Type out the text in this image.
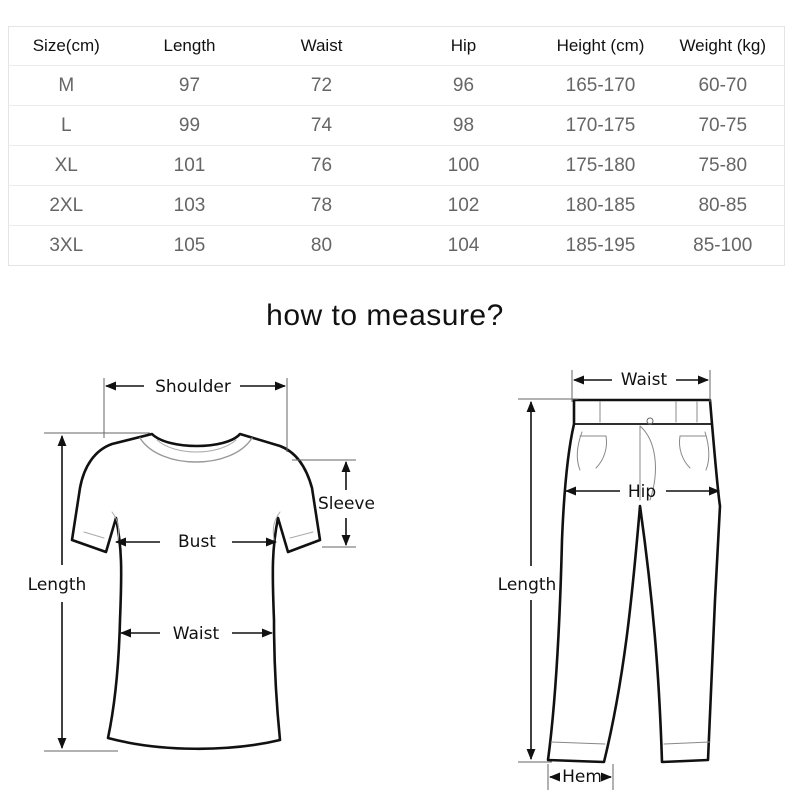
Size(cm)	Length	Waist	Hip	Height (cm)	Weight (kg)
M	97	72	96	165-170	60-70
L	99	74	98	170-175	70-75
XL	101	76	100	175-180	75-80
2XL	103	78	102	180-185	80-85
3XL	105	80	104	185-195	85-100
how to measure?
Shoulder
Sleeve
Bust
Length
Waist
Waist
Hip
Length
Hem
